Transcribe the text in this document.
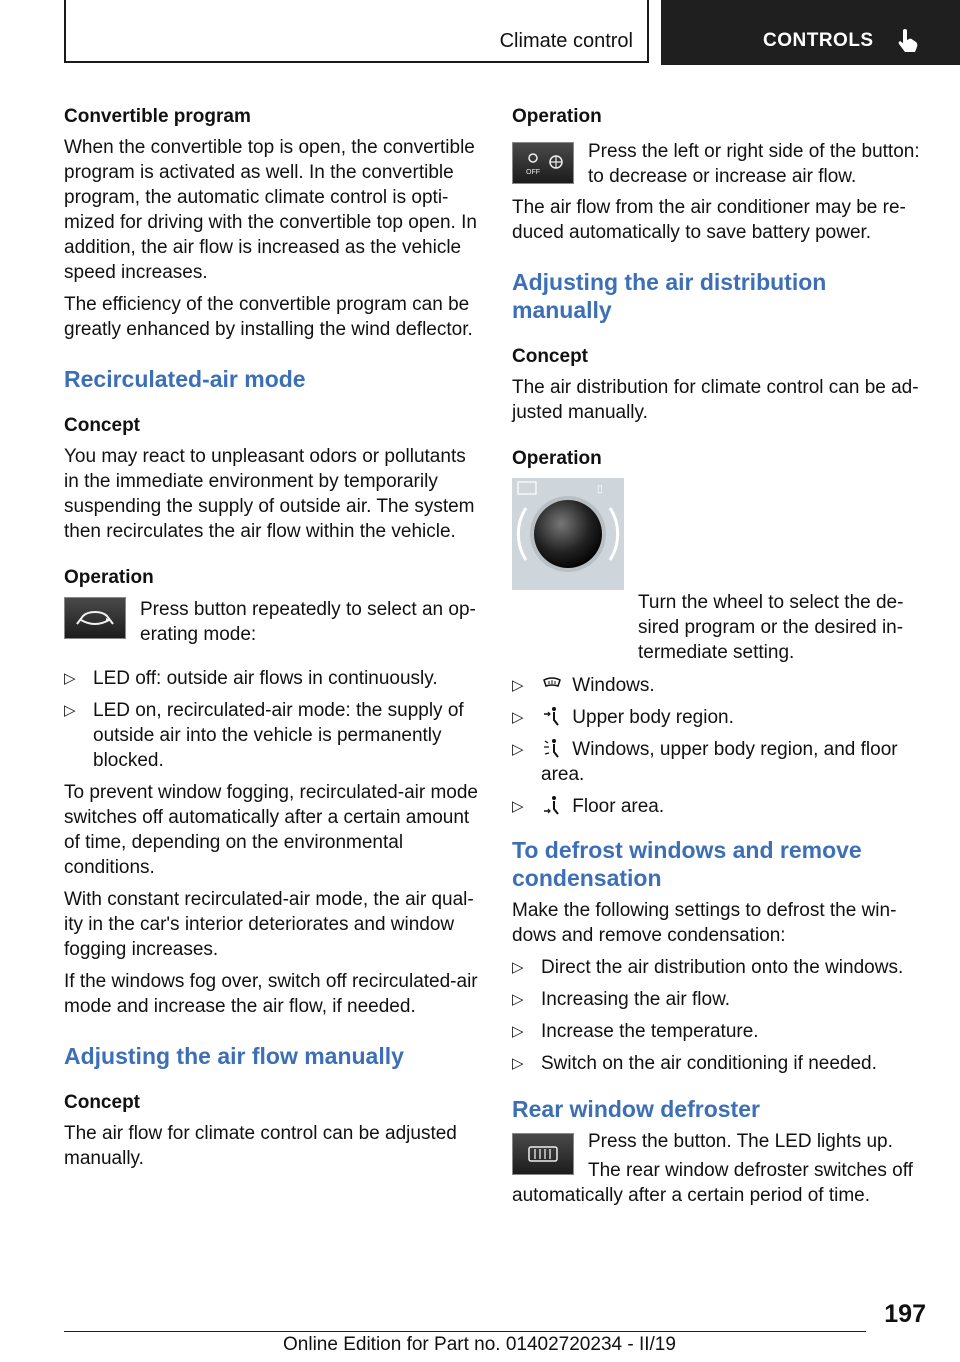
Climate control	CONTROLS
Convertible program

When the convertible top is open, the convertible program is activated as well. In the convertible program, the automatic climate control is opti‐mized for driving with the convertible top open. In addition, the air flow is increased as the vehicle speed increases.

The efficiency of the convertible program can be greatly enhanced by installing the wind deflector.

Recirculated-air mode
Concept

You may react to unpleasant odors or pollutants in the immediate environment by temporarily suspending the supply of outside air. The system then recirculates the air flow within the vehicle.

Operation
Press button repeatedly to select an op‐erating mode:
▷ LED off: outside air flows in continuously.
▷ LED on, recirculated-air mode: the supply of outside air into the vehicle is permanently blocked.

To prevent window fogging, recirculated-air mode switches off automatically after a certain amount of time, depending on the environmental conditions.

With constant recirculated-air mode, the air qual‐ity in the car's interior deteriorates and window fogging increases.

If the windows fog over, switch off recirculated-air mode and increase the air flow, if needed.

Adjusting the air flow manually
Concept

The air flow for climate control can be adjusted manually.

Operation
OFF
Press the left or right side of the button: to decrease or increase air flow.

The air flow from the air conditioner may be re‐duced automatically to save battery power.

Adjusting the air distribution manually
Concept

The air distribution for climate control can be ad‐justed manually.

Operation
▯
Turn the wheel to select the de‐sired program or the desired in‐termediate setting.
▷ Windows.
▷ Upper body region.
▷ Windows, upper body region, and floor area.
▷ Floor area.
To defrost windows and remove condensation

Make the following settings to defrost the win‐dows and remove condensation:

▷ Direct the air distribution onto the windows.
▷ Increasing the air flow.
▷ Increase the temperature.
▷ Switch on the air conditioning if needed.
Rear window defroster

Press the button. The LED lights up.

The rear window defroster switches off automatically after a certain period of time.

197
Online Edition for Part no. 01402720234 - II/19
